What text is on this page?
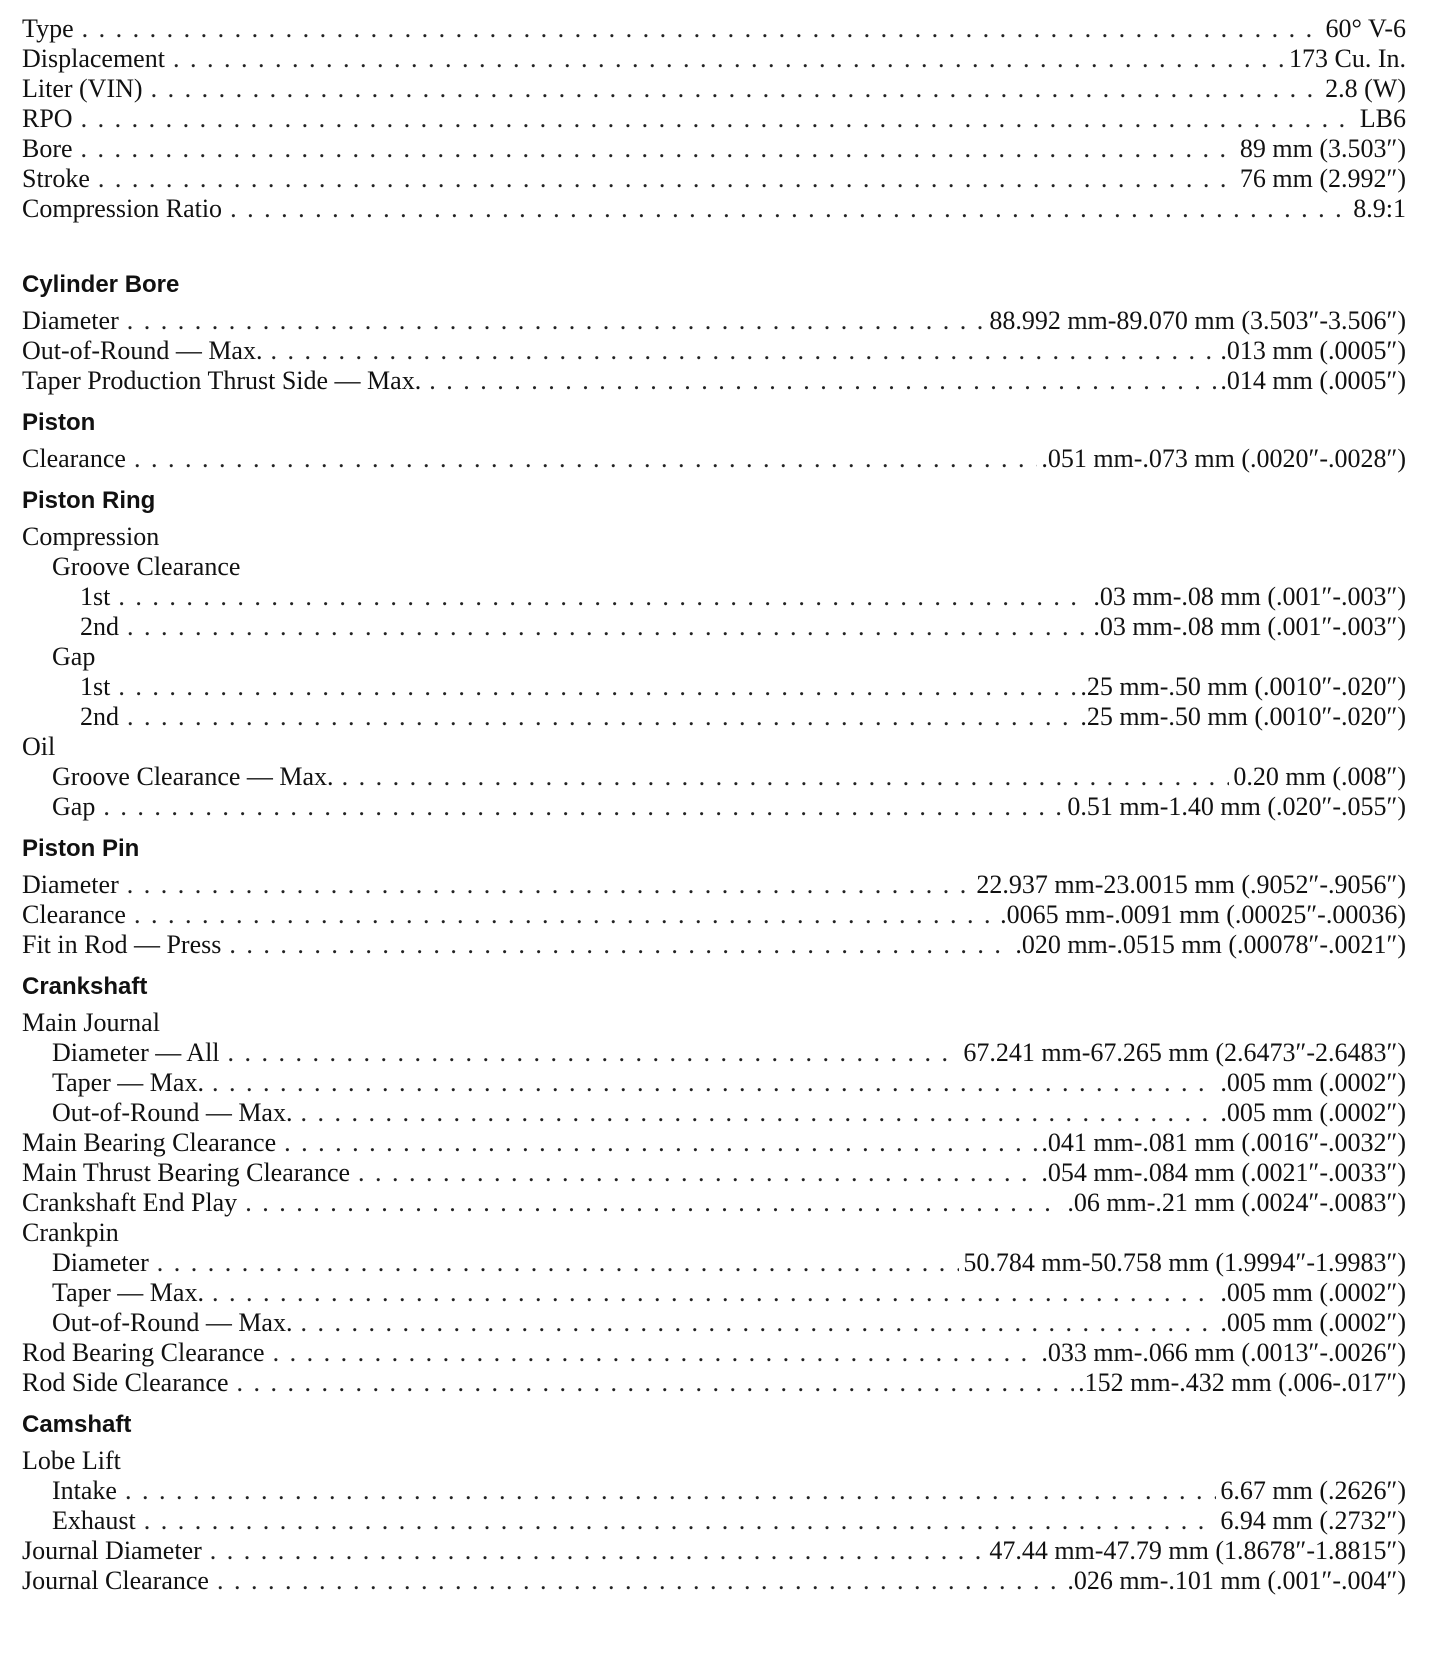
Type . . .	60° V-6
Displacement . . .	173 Cu. In.
Liter (VIN) . . .	2.8 (W)
RPO . . .	LB6
Bore . . .	89 mm (3.503″)
Stroke . . .	76 mm (2.992″)
Compression Ratio . . .	8.9:1
Cylinder Bore
Diameter . . .	88.992 mm-89.070 mm (3.503″-3.506″)
Out-of-Round — Max. . . .	.013 mm (.0005″)
Taper Production Thrust Side — Max. . . .	.014 mm (.0005″)
Piston
Clearance . . .	.051 mm-.073 mm (.0020″-.0028″)
Piston Ring
Compression
Groove Clearance
1st . . .	.03 mm-.08 mm (.001″-.003″)
2nd . . .	.03 mm-.08 mm (.001″-.003″)
Gap
1st . . .	.25 mm-.50 mm (.0010″-.020″)
2nd . . .	.25 mm-.50 mm (.0010″-.020″)
Oil
Groove Clearance — Max. . . .	0.20 mm (.008″)
Gap . . .	0.51 mm-1.40 mm (.020″-.055″)
Piston Pin
Diameter . . .	22.937 mm-23.0015 mm (.9052″-.9056″)
Clearance . . .	.0065 mm-.0091 mm (.00025″-.00036)
Fit in Rod — Press . . .	.020 mm-.0515 mm (.00078″-.0021″)
Crankshaft
Main Journal
Diameter — All . . .	67.241 mm-67.265 mm (2.6473″-2.6483″)
Taper — Max. . . .	.005 mm (.0002″)
Out-of-Round — Max. . . .	.005 mm (.0002″)
Main Bearing Clearance . . .	.041 mm-.081 mm (.0016″-.0032″)
Main Thrust Bearing Clearance . . .	.054 mm-.084 mm (.0021″-.0033″)
Crankshaft End Play . . .	.06 mm-.21 mm (.0024″-.0083″)
Crankpin
Diameter . . .	50.784 mm-50.758 mm (1.9994″-1.9983″)
Taper — Max. . . .	.005 mm (.0002″)
Out-of-Round — Max. . . .	.005 mm (.0002″)
Rod Bearing Clearance . . .	.033 mm-.066 mm (.0013″-.0026″)
Rod Side Clearance . . .	.152 mm-.432 mm (.006-.017″)
Camshaft
Lobe Lift
Intake . . .	6.67 mm (.2626″)
Exhaust . . .	6.94 mm (.2732″)
Journal Diameter . . .	47.44 mm-47.79 mm (1.8678″-1.8815″)
Journal Clearance . . .	.026 mm-.101 mm (.001″-.004″)
